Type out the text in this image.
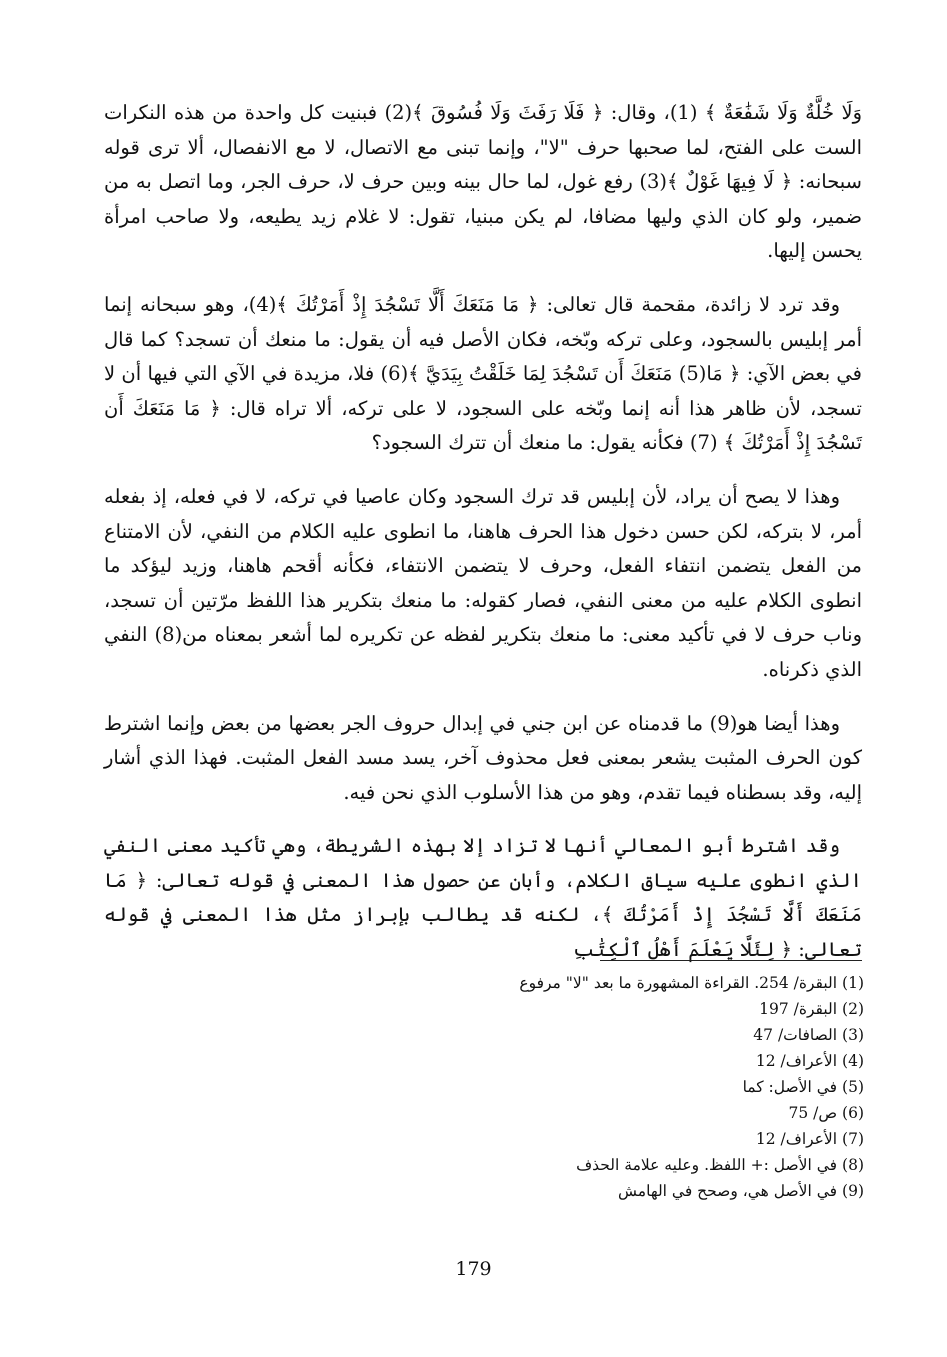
وَلَا خُلَّةٌ وَلَا شَفَٰعَةٌ ﴾ (1)، وقال: ﴿ فَلَا رَفَثَ وَلَا فُسُوقَ ﴾(2) فبنيت كل واحدة من هذه النكرات الست على الفتح، لما صحبها حرف "لا"، وإنما تبنى مع الاتصال، لا مع الانفصال، ألا ترى قوله سبحانه: ﴿ لَا فِيهَا غَوْلٌ ﴾(3) رفع غول، لما حال بينه وبين حرف لا، حرف الجر، وما اتصل به من ضمير، ولو كان الذي وليها مضافا، لم يكن مبنيا، تقول: لا غلام زيد يطيعه، ولا صاحب امرأة يحسن إليها.

وقد ترد لا زائدة، مقحمة قال تعالى: ﴿ مَا مَنَعَكَ أَلَّا تَسْجُدَ إِذْ أَمَرْتُكَ ﴾(4)، وهو سبحانه إنما أمر إبليس بالسجود، وعلى تركه وبّخه، فكان الأصل فيه أن يقول: ما منعك أن تسجد؟ كما قال في بعض الآي: ﴿ مَا(5) مَنَعَكَ أَن تَسْجُدَ لِمَا خَلَقْتُ بِيَدَيَّ ﴾(6) فلا، مزيدة في الآي التي فيها أن لا تسجد، لأن ظاهر هذا أنه إنما وبّخه على السجود، لا على تركه، ألا تراه قال: ﴿ مَا مَنَعَكَ أَن تَسْجُدَ إِذْ أَمَرْتُكَ ﴾ (7) فكأنه يقول: ما منعك أن تترك السجود؟

وهذا لا يصح أن يراد، لأن إبليس قد ترك السجود وكان عاصيا في تركه، لا في فعله، إذ بفعله أمر، لا بتركه، لكن حسن دخول هذا الحرف هاهنا، ما انطوى عليه الكلام من النفي، لأن الامتناع من الفعل يتضمن انتفاء الفعل، وحرف لا يتضمن الانتفاء، فكأنه أقحم هاهنا، وزيد ليؤكد ما انطوى الكلام عليه من معنى النفي، فصار كقوله: ما منعك بتكرير هذا اللفظ مرّتين أن تسجد، وناب حرف لا في تأكيد معنى: ما منعك بتكرير لفظه عن تكريره لما أشعر بمعناه من(8) النفي الذي ذكرناه.

وهذا أيضا هو(9) ما قدمناه عن ابن جني في إبدال حروف الجر بعضها من بعض وإنما اشترط كون الحرف المثبت يشعر بمعنى فعل محذوف آخر، يسد مسد الفعل المثبت. فهذا الذي أشار إليه، وقد بسطناه فيما تقدم، وهو من هذا الأسلوب الذي نحن فيه.

وقد اشترط أبو المعالي أنها لا تزاد إلا بهذه الشريطة، وهي تأكيد معنى النفي الذي انطوى عليه سياق الكلام، وأبان عن حصول هذا المعنى في قوله تعالى: ﴿ مَا مَنَعَكَ أَلَّا تَسْجُدَ إِذْ أَمَرْتُكَ ﴾، لكنه قد يطالب بإبراز مثل هذا المعنى في قوله تعالى: ﴿ لِئَلَّا يَعْلَمَ أَهْلُ ٱلْكِتَٰبِ

(1) البقرة/ 254. القراءة المشهورة ما بعد "لا" مرفوع
(2) البقرة/ 197
(3) الصافات/ 47
(4) الأعراف/ 12
(5) في الأصل: كما
(6) ص/ 75
(7) الأعراف/ 12
(8) في الأصل :+ اللفظ. وعليه علامة الحذف
(9) في الأصل هي، وصحح في الهامش
179
